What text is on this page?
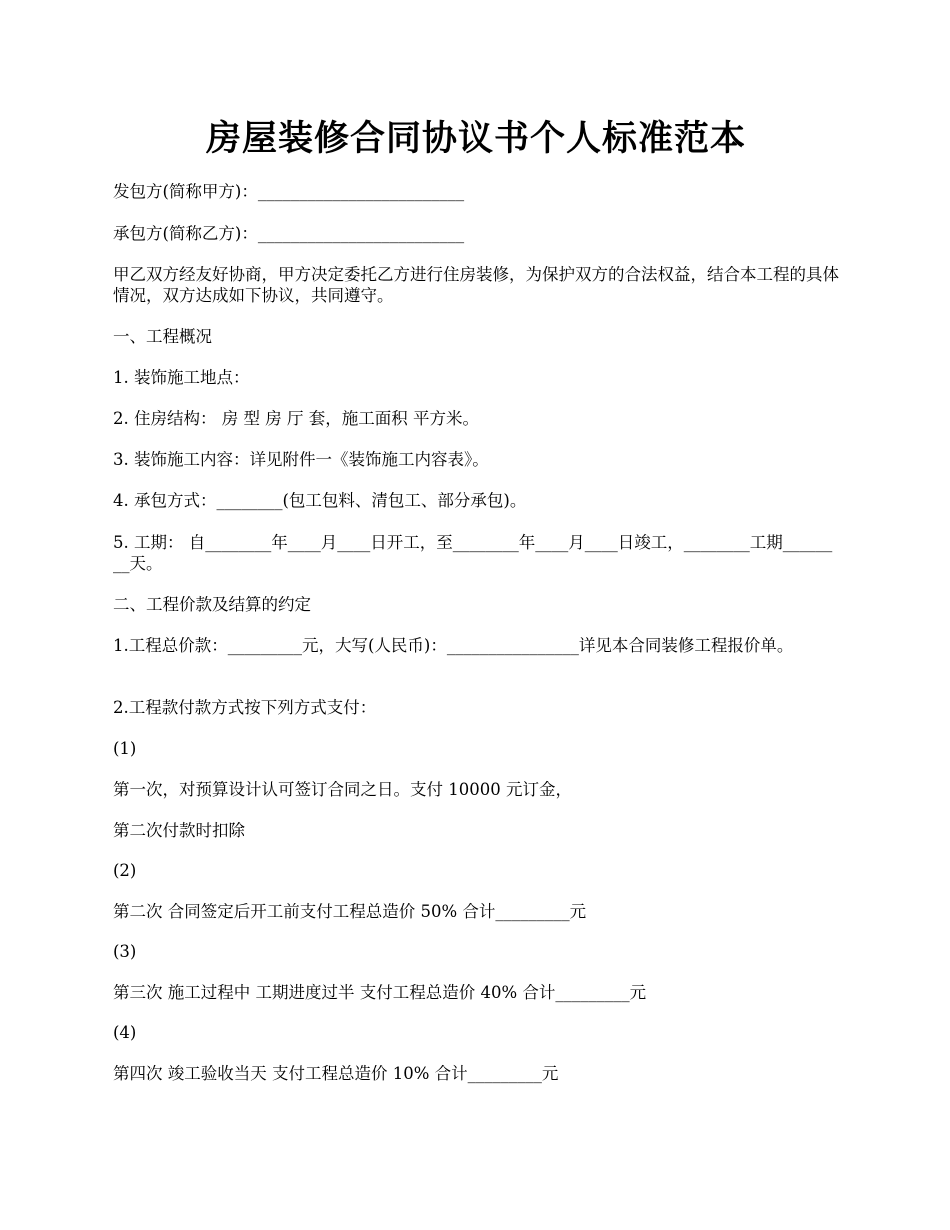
房屋装修合同协议书个人标准范本

发包方(简称甲方)：_________________________

承包方(简称乙方)：_________________________

甲乙双方经友好协商，甲方决定委托乙方进行住房装修，为保护双方的合法权益，结合本工程的具体情况，双方达成如下协议，共同遵守。

一、工程概况

1. 装饰施工地点：

2. 住房结构： 房 型 房 厅 套，施工面积 平方米。

3. 装饰施工内容：详见附件一《装饰施工内容表》。

4. 承包方式：________(包工包料、清包工、部分承包)。

5. 工期： 自________年____月____日开工，至________年____月____日竣工，________工期________天。

二、工程价款及结算的约定

1.工程总价款：_________元，大写(人民币)：________________详见本合同装修工程报价单。

2.工程款付款方式按下列方式支付：

(1)

第一次，对预算设计认可签订合同之日。支付 10000 元订金，

第二次付款时扣除

(2)

第二次 合同签定后开工前支付工程总造价 50% 合计_________元

(3)

第三次 施工过程中 工期进度过半 支付工程总造价 40% 合计_________元

(4)

第四次 竣工验收当天 支付工程总造价 10% 合计_________元
